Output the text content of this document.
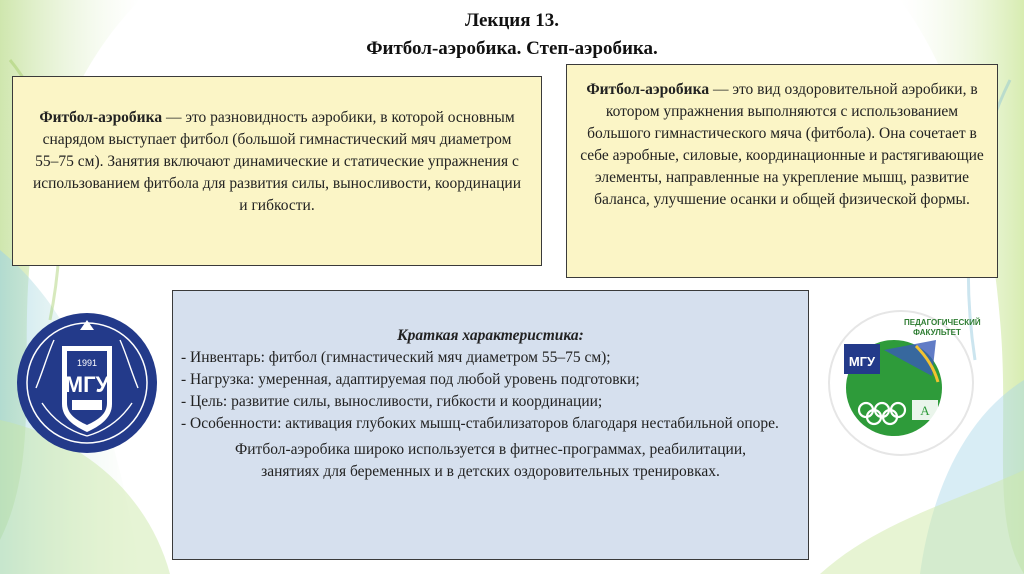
Лекция 13.
Фитбол-аэробика. Степ-аэробика.
Фитбол-аэробика — это разновидность аэробики, в которой основным снарядом выступает фитбол (большой гимнастический мяч диаметром 55–75 см). Занятия включают динамические и статические упражнения с использованием фитбола для развития силы, выносливости, координации и гибкости.
Фитбол-аэробика — это вид оздоровительной аэробики, в котором упражнения выполняются с использованием большого гимнастического мяча (фитбола). Она сочетает в себе аэробные, силовые, координационные и растягивающие элементы, направленные на укрепление мышц, развитие баланса, улучшение осанки и общей физической формы.
Краткая характеристика:
- Инвентарь: фитбол (гимнастический мяч диаметром 55–75 см);
- Нагрузка: умеренная, адаптируемая под любой уровень подготовки;
- Цель: развитие силы, выносливости, гибкости и координации;
- Особенности: активация глубоких мышц-стабилизаторов благодаря нестабильной опоре.
Фитбол-аэробика широко используется в фитнес-программах, реабилитации, занятиях для беременных и в детских оздоровительных тренировках.
1991
МГУ
МГУ
A
ПЕДАГОГИЧЕСКИЙ ФАКУЛЬТЕТ
